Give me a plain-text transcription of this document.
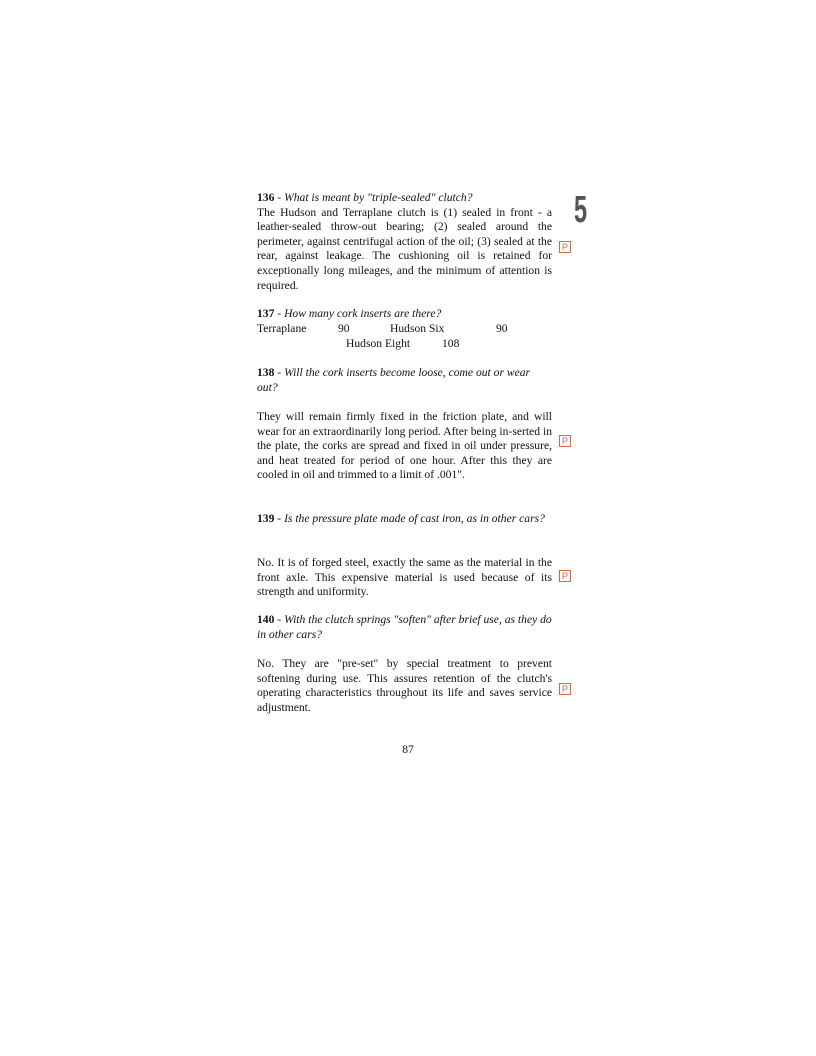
5
P
P
P
P

136 - What is meant by "triple-sealed" clutch?

The Hudson and Terraplane clutch is (1) sealed in front - a leather-sealed throw-out bearing; (2) sealed around the perimeter, against centrifugal action of the oil; (3) sealed at the rear, against leakage. The cushioning oil is retained for exceptionally long mileages, and the minimum of attention is required.

137 - How many cork inserts are there?

Terraplane	90	Hudson Six	90
Hudson Eight	108

138 - Will the cork inserts become loose, come out or wear out?

They will remain firmly fixed in the friction plate, and will wear for an extraordinarily long period. After being in-serted in the plate, the corks are spread and fixed in oil under pressure, and heat treated for period of one hour. After this they are cooled in oil and trimmed to a limit of .001".

139 - Is the pressure plate made of cast iron, as in other cars?

No. It is of forged steel, exactly the same as the material in the front axle. This expensive material is used because of its strength and uniformity.

140 - With the clutch springs "soften" after brief use, as they do in other cars?

No. They are "pre-set" by special treatment to prevent softening during use. This assures retention of the clutch's operating characteristics throughout its life and saves service adjustment.

87
